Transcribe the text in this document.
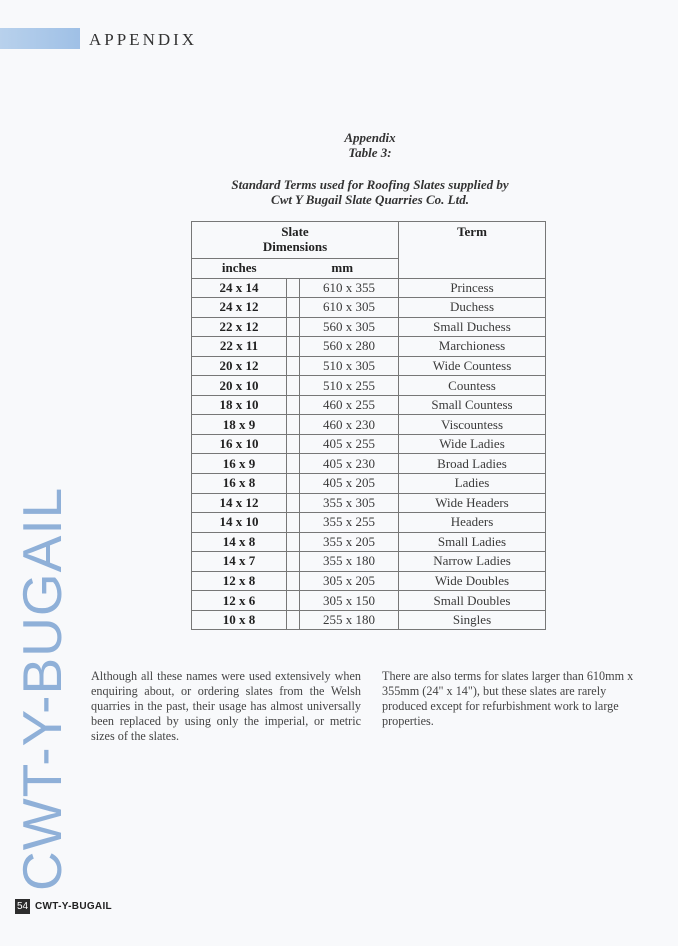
APPENDIX
Appendix
Table 3:
Standard Terms used for Roofing Slates supplied by
Cwt Y Bugail Slate Quarries Co. Ltd.
Slate
Dimensions			Term
inches	mm		
24 x 14		610 x 355	Princess
24 x 12		610 x 305	Duchess
22 x 12		560 x 305	Small Duchess
22 x 11		560 x 280	Marchioness
20 x 12		510 x 305	Wide Countess
20 x 10		510 x 255	Countess
18 x 10		460 x 255	Small Countess
18 x 9		460 x 230	Viscountess
16 x 10		405 x 255	Wide Ladies
16 x 9		405 x 230	Broad Ladies
16 x 8		405 x 205	Ladies
14 x 12		355 x 305	Wide Headers
14 x 10		355 x 255	Headers
14 x 8		355 x 205	Small Ladies
14 x 7		355 x 180	Narrow Ladies
12 x 8		305 x 205	Wide Doubles
12 x 6		305 x 150	Small Doubles
10 x 8		255 x 180	Singles
Although all these names were used extensively when enquiring about, or ordering slates from the Welsh quarries in the past, their usage has almost universally been replaced by using only the imperial, or metric sizes of the slates.
There are also terms for slates larger than 610mm x 355mm (24" x 14"), but these slates are rarely produced except for refurbishment work to large properties.
CWT-Y-BUGAIL
54 CWT-Y-BUGAIL
